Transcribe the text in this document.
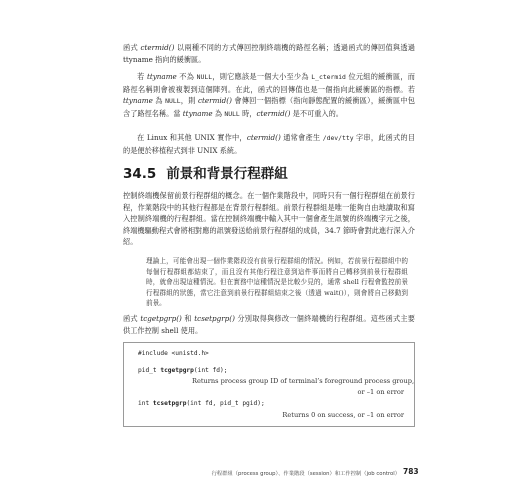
函式 ctermid() 以兩種不同的方式傳回控制終端機的路徑名稱；透過函式的傳回值與透過 ttyname 指向的緩衝區。

若 ttyname 不為 NULL，則它應該是一個大小至少為 L_ctermid 位元組的緩衝區，而路徑名稱則會被複製到這個陣列。在此，函式的回傳值也是一個指向此緩衝區的指標。若 ttyname 為 NULL，則 ctermid() 會傳回一個指標（指向靜態配置的緩衝區），緩衝區中包含了路徑名稱。當 ttyname 為 NULL 時，ctermid() 是不可重入的。

在 Linux 和其他 UNIX 實作中，ctermid() 通常會產生 /dev/tty 字串，此函式的目的是便於移植程式到非 UNIX 系統。

34.5 前景和背景行程群組

控制終端機保留前景行程群組的概念。在一個作業階段中，同時只有一個行程群組在前景行程，作業階段中的其他行程都是在背景行程群組。前景行程群組是唯一能夠自由地讀取和寫入控制終端機的行程群組。當在控制終端機中輸入其中一個會產生訊號的終端機字元之後，終端機驅動程式會將相對應的訊號發送給前景行程群組的成員，34.7 節時會對此進行深入介紹。

理論上，可能會出現一個作業階段沒有前景行程群組的情況。例如，若前景行程群組中的每個行程群組都結束了，而且沒有其他行程注意到這件事而將自己轉移到前景行程群組時，就會出現這種情況。但在實務中這種情況是比較少見的，通常 shell 行程會監控前景行程群組的狀態，當它注意到前景行程群組結束之後（透過 wait()），則會將自己移動到前景。

函式 tcgetpgrp() 和 tcsetpgrp() 分別取得與修改一個終端機的行程群組。這些函式主要供工作控制 shell 使用。

#include <unistd.h>
pid_t tcgetpgrp(int fd);
Returns process group ID of terminal’s foreground process group,
or –1 on error
int tcsetpgrp(int fd, pid_t pgid);
Returns 0 on success, or –1 on error
行程群組（process group）、作業階段（session）和工作控制（job control） 783
